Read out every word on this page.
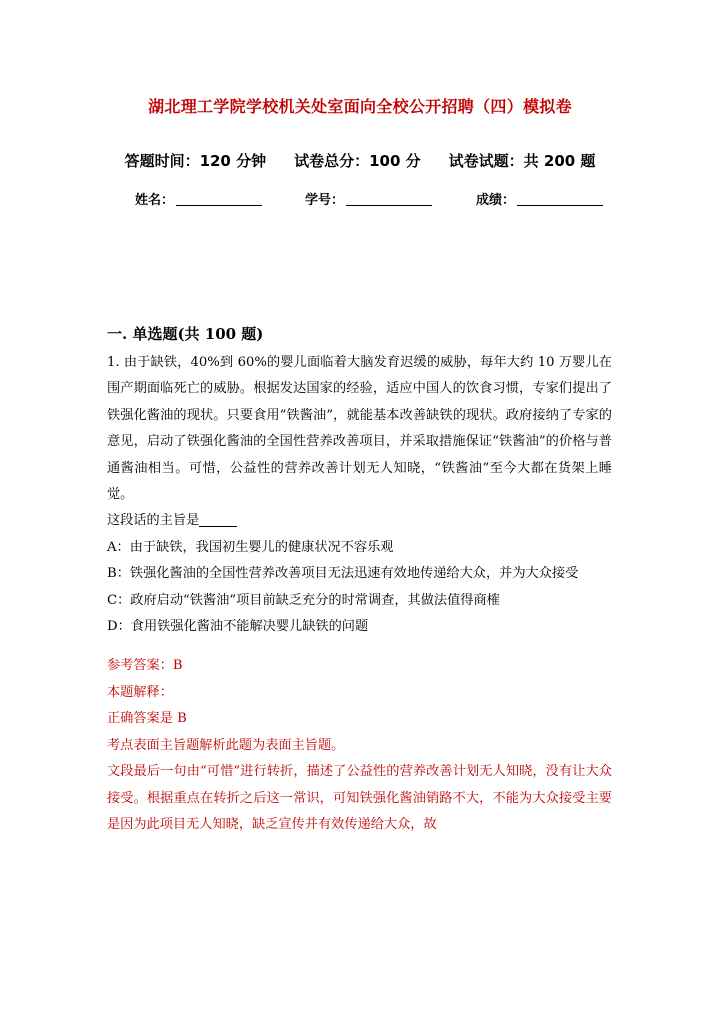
湖北理工学院学校机关处室面向全校公开招聘（四）模拟卷
答题时间：120 分钟 试卷总分：100 分 试卷试题：共 200 题
姓名：	学号：	成绩：
一. 单选题(共 100 题)

1. 由于缺铁，40%到 60%的婴儿面临着大脑发育迟缓的威胁，每年大约 10 万婴儿在围产期面临死亡的威胁。根据发达国家的经验，适应中国人的饮食习惯，专家们提出了铁强化酱油的现状。只要食用“铁酱油”，就能基本改善缺铁的现状。政府接纳了专家的意见，启动了铁强化酱油的全国性营养改善项目，并采取措施保证“铁酱油”的价格与普通酱油相当。可惜，公益性的营养改善计划无人知晓，“铁酱油”至今大都在货架上睡觉。

这段话的主旨是

A：由于缺铁，我国初生婴儿的健康状况不容乐观

B：铁强化酱油的全国性营养改善项目无法迅速有效地传递给大众，并为大众接受

C：政府启动“铁酱油”项目前缺乏充分的时常调查，其做法值得商榷

D：食用铁强化酱油不能解决婴儿缺铁的问题

参考答案：B

本题解释：

正确答案是 B

考点表面主旨题解析此题为表面主旨题。

文段最后一句由“可惜”进行转折，描述了公益性的营养改善计划无人知晓，没有让大众接受。根据重点在转折之后这一常识，可知铁强化酱油销路不大，不能为大众接受主要是因为此项目无人知晓，缺乏宣传并有效传递给大众，故
